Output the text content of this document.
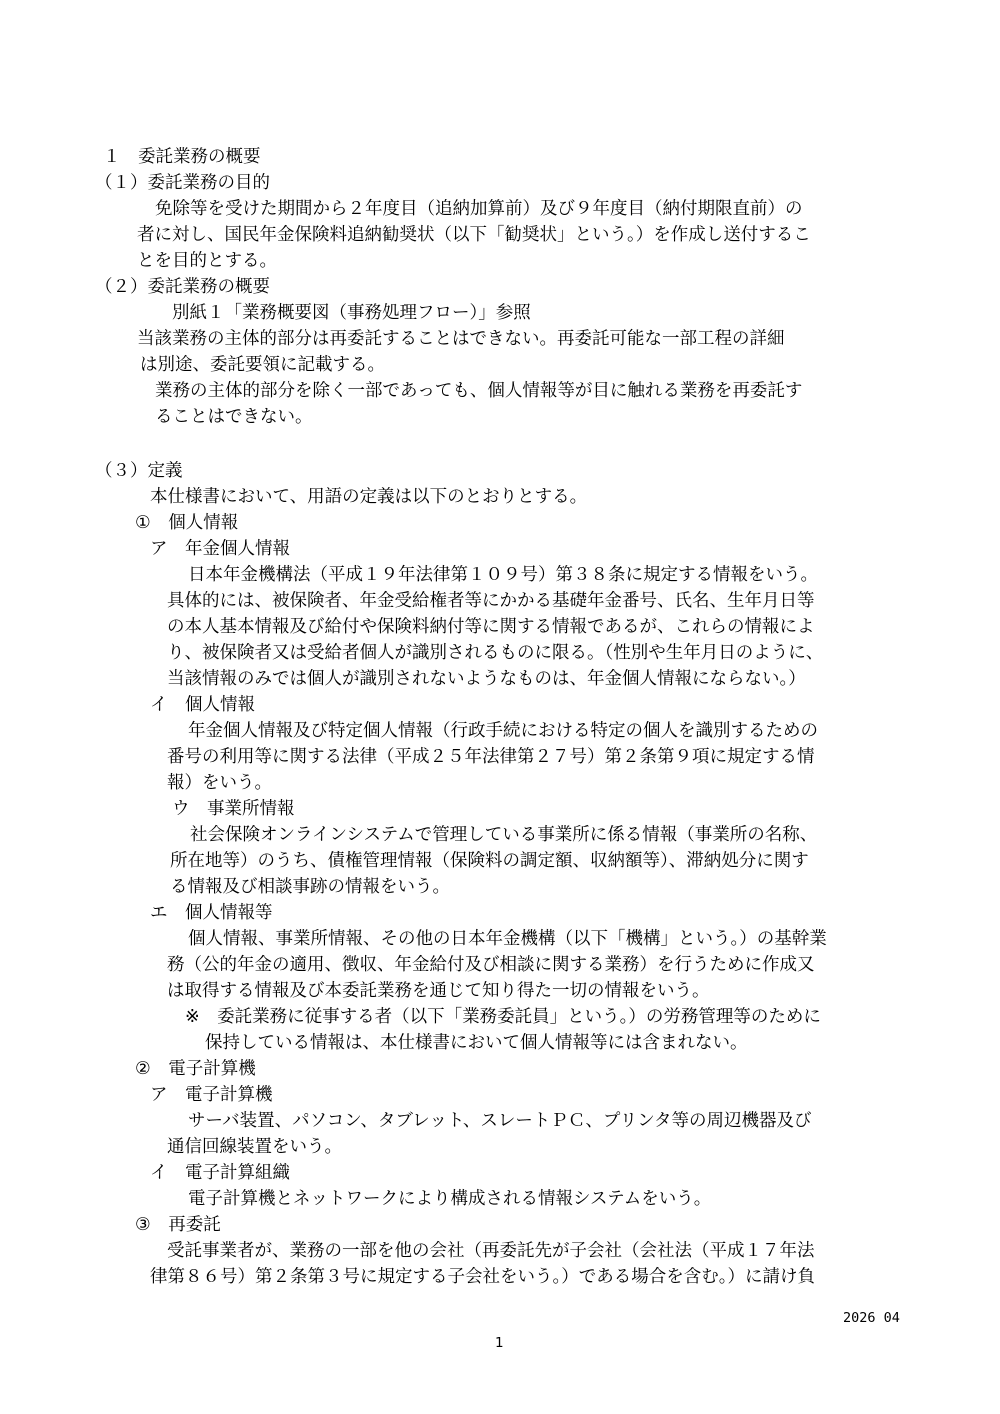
１　委託業務の概要
（１）委託業務の目的
免除等を受けた期間から２年度目（追納加算前）及び９年度目（納付期限直前）の
者に対し、国民年金保険料追納勧奨状（以下「勧奨状」という。）を作成し送付するこ
とを目的とする。
（２）委託業務の概要
別紙１「業務概要図（事務処理フロー）」参照
当該業務の主体的部分は再委託することはできない。再委託可能な一部工程の詳細
は別途、委託要領に記載する。
業務の主体的部分を除く一部であっても、個人情報等が目に触れる業務を再委託す
ることはできない。
（３）定義
本仕様書において、用語の定義は以下のとおりとする。
①　個人情報
ア　年金個人情報
日本年金機構法（平成１９年法律第１０９号）第３８条に規定する情報をいう。
具体的には、被保険者、年金受給権者等にかかる基礎年金番号、氏名、生年月日等
の本人基本情報及び給付や保険料納付等に関する情報であるが、これらの情報によ
り、被保険者又は受給者個人が識別されるものに限る。（性別や生年月日のように、
当該情報のみでは個人が識別されないようなものは、年金個人情報にならない。）
イ　個人情報
年金個人情報及び特定個人情報（行政手続における特定の個人を識別するための
番号の利用等に関する法律（平成２５年法律第２７号）第２条第９項に規定する情
報）をいう。
ウ　事業所情報
社会保険オンラインシステムで管理している事業所に係る情報（事業所の名称、
所在地等）のうち、債権管理情報（保険料の調定額、収納額等）、滞納処分に関す
る情報及び相談事跡の情報をいう。
エ　個人情報等
個人情報、事業所情報、その他の日本年金機構（以下「機構」という。）の基幹業
務（公的年金の適用、徴収、年金給付及び相談に関する業務）を行うために作成又
は取得する情報及び本委託業務を通じて知り得た一切の情報をいう。
※　委託業務に従事する者（以下「業務委託員」という。）の労務管理等のために
保持している情報は、本仕様書において個人情報等には含まれない。
②　電子計算機
ア　電子計算機
サーバ装置、パソコン、タブレット、スレートＰＣ、プリンタ等の周辺機器及び
通信回線装置をいう。
イ　電子計算組織
電子計算機とネットワークにより構成される情報システムをいう。
③　再委託
受託事業者が、業務の一部を他の会社（再委託先が子会社（会社法（平成１７年法
律第８６号）第２条第３号に規定する子会社をいう。）である場合を含む。）に請け負
2026 04
1
